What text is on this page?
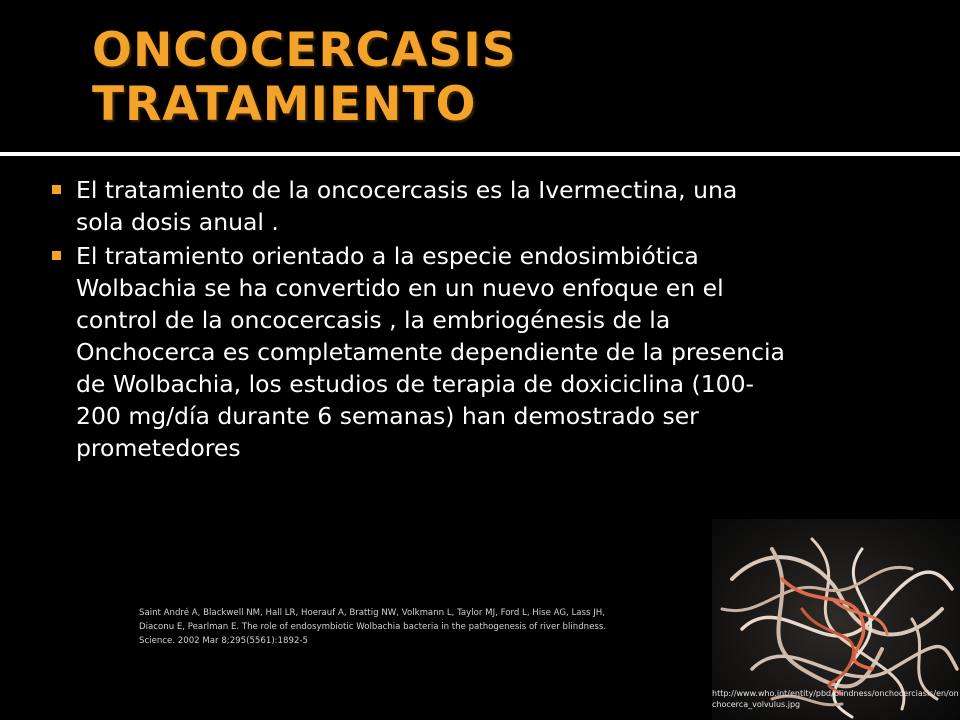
ONCOCERCASIS
TRATAMIENTO
El tratamiento de la oncocercasis es la Ivermectina, una sola dosis anual .
El tratamiento orientado a la especie endosimbiótica Wolbachia se ha convertido en un nuevo enfoque en el control de la oncocercasis , la embriogénesis de la Onchocerca es completamente dependiente de la presencia de Wolbachia, los estudios de terapia de doxiciclina (100-200 mg/día durante 6 semanas) han demostrado ser prometedores
Saint André A, Blackwell NM, Hall LR, Hoerauf A, Brattig NW, Volkmann L, Taylor MJ, Ford L, Hise AG, Lass JH, Diaconu E, Pearlman E. The role of endosymbiotic Wolbachia bacteria in the pathogenesis of river blindness. Science. 2002 Mar 8;295(5561):1892-5
http://www.who.int/entity/pbd/blindness/onchocerciasis/en/onchocerca_volvulus.jpg
